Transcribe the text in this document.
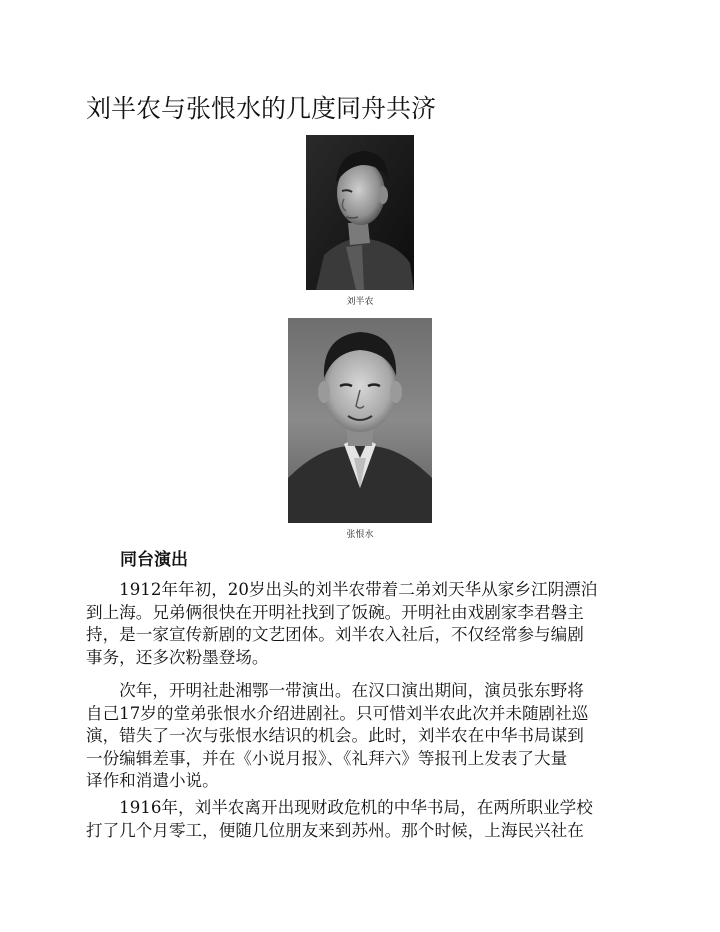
刘半农与张恨水的几度同舟共济
刘半农
张恨水
同台演出

　　1912年年初，20岁出头的刘半农带着二弟刘天华从家乡江阴漂泊
到上海。兄弟俩很快在开明社找到了饭碗。开明社由戏剧家李君磐主
持，是一家宣传新剧的文艺团体。刘半农入社后，不仅经常参与编剧
事务，还多次粉墨登场。

　　次年，开明社赴湘鄂一带演出。在汉口演出期间，演员张东野将
自己17岁的堂弟张恨水介绍进剧社。只可惜刘半农此次并未随剧社巡
演，错失了一次与张恨水结识的机会。此时，刘半农在中华书局谋到
一份编辑差事，并在《小说月报》、《礼拜六》等报刊上发表了大量
译作和消遣小说。

　　1916年，刘半农离开出现财政危机的中华书局，在两所职业学校
打了几个月零工，便随几位朋友来到苏州。那个时候，上海民兴社在
